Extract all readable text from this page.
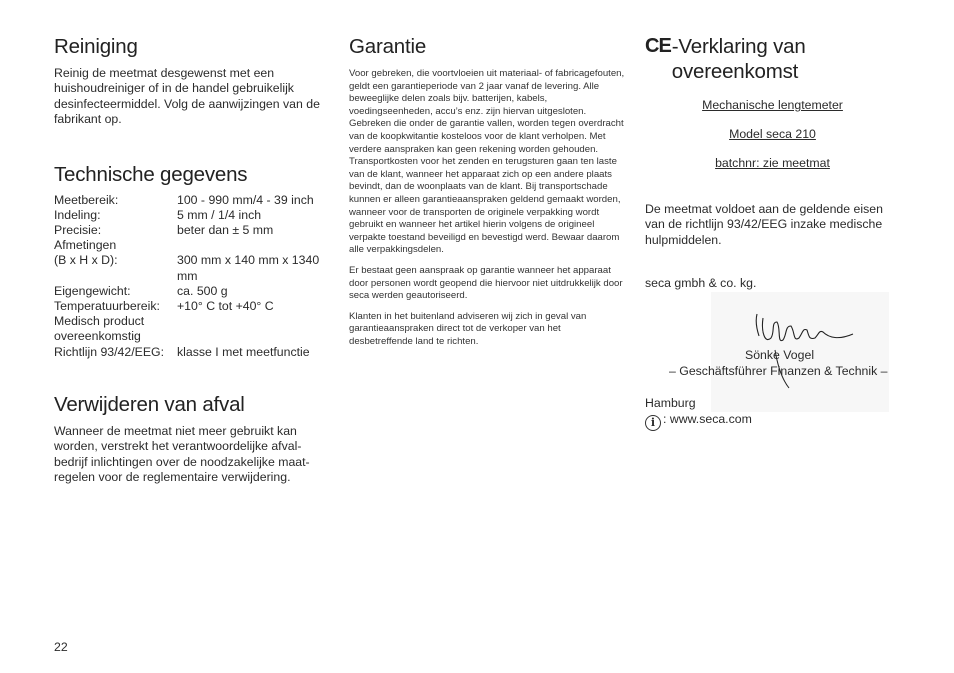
Reiniging

Reinig de meetmat desgewenst met een huishoudreiniger of in de handel gebruikelijk desinfecteermiddel. Volg de aanwijzingen van de fabrikant op.

Technische gegevens
Meetbereik:	100 - 990 mm/4 - 39 inch
Indeling:	5 mm / 1/4 inch
Precisie:	beter dan ± 5 mm
Afmetingen	
(B x H x D):	300 mm x 140 mm x 1340 mm
Eigengewicht:	ca. 500 g
Temperatuurbereik:	+10° C tot +40° C
Medisch product	
overeenkomstig	
Richtlijn 93/42/EEG:	klasse I met meetfunctie
Verwijderen van afval

Wanneer de meetmat niet meer gebruikt kan worden, verstrekt het verantwoordelijke afval-bedrijf inlichtingen over de noodzakelijke maat-regelen voor de reglementaire verwijdering.

Garantie

Voor gebreken, die voortvloeien uit materiaal- of fabricagefouten, geldt een garantieperiode van 2 jaar vanaf de levering. Alle beweeglijke delen zoals bijv. batterijen, kabels, voedingseenheden, accu’s enz. zijn hiervan uitgesloten. Gebreken die onder de garantie vallen, worden tegen overdracht van de koopkwitantie kosteloos voor de klant verholpen. Met verdere aanspraken kan geen rekening worden gehouden. Transportkosten voor het zenden en terugsturen gaan ten laste van de klant, wanneer het apparaat zich op een andere plaats bevindt, dan de woonplaats van de klant. Bij transportschade kunnen er alleen garantieaanspraken geldend gemaakt worden, wanneer voor de transporten de originele verpakking wordt gebruikt en wanneer het artikel hierin volgens de origineel verpakte toestand beveiligd en bevestigd werd. Bewaar daarom alle verpakkingsdelen.

Er bestaat geen aanspraak op garantie wanneer het apparaat door personen wordt geopend die hiervoor niet uitdrukkelijk door seca werden geautoriseerd.

Klanten in het buitenland adviseren wij zich in geval van garantieaanspraken direct tot de verkoper van het desbetreffende land te richten.

CE -Verklaring van overeenkomst

Mechanische lengtemeter

Model seca 210

batchnr: zie meetmat

De meetmat voldoet aan de geldende eisen van de richtlijn 93/42/EEG inzake medische hulpmiddelen.

seca gmbh & co. kg.

Sönke Vogel

– Geschäftsführer Finanzen & Technik –

Hamburg

i : www.seca.com

22
